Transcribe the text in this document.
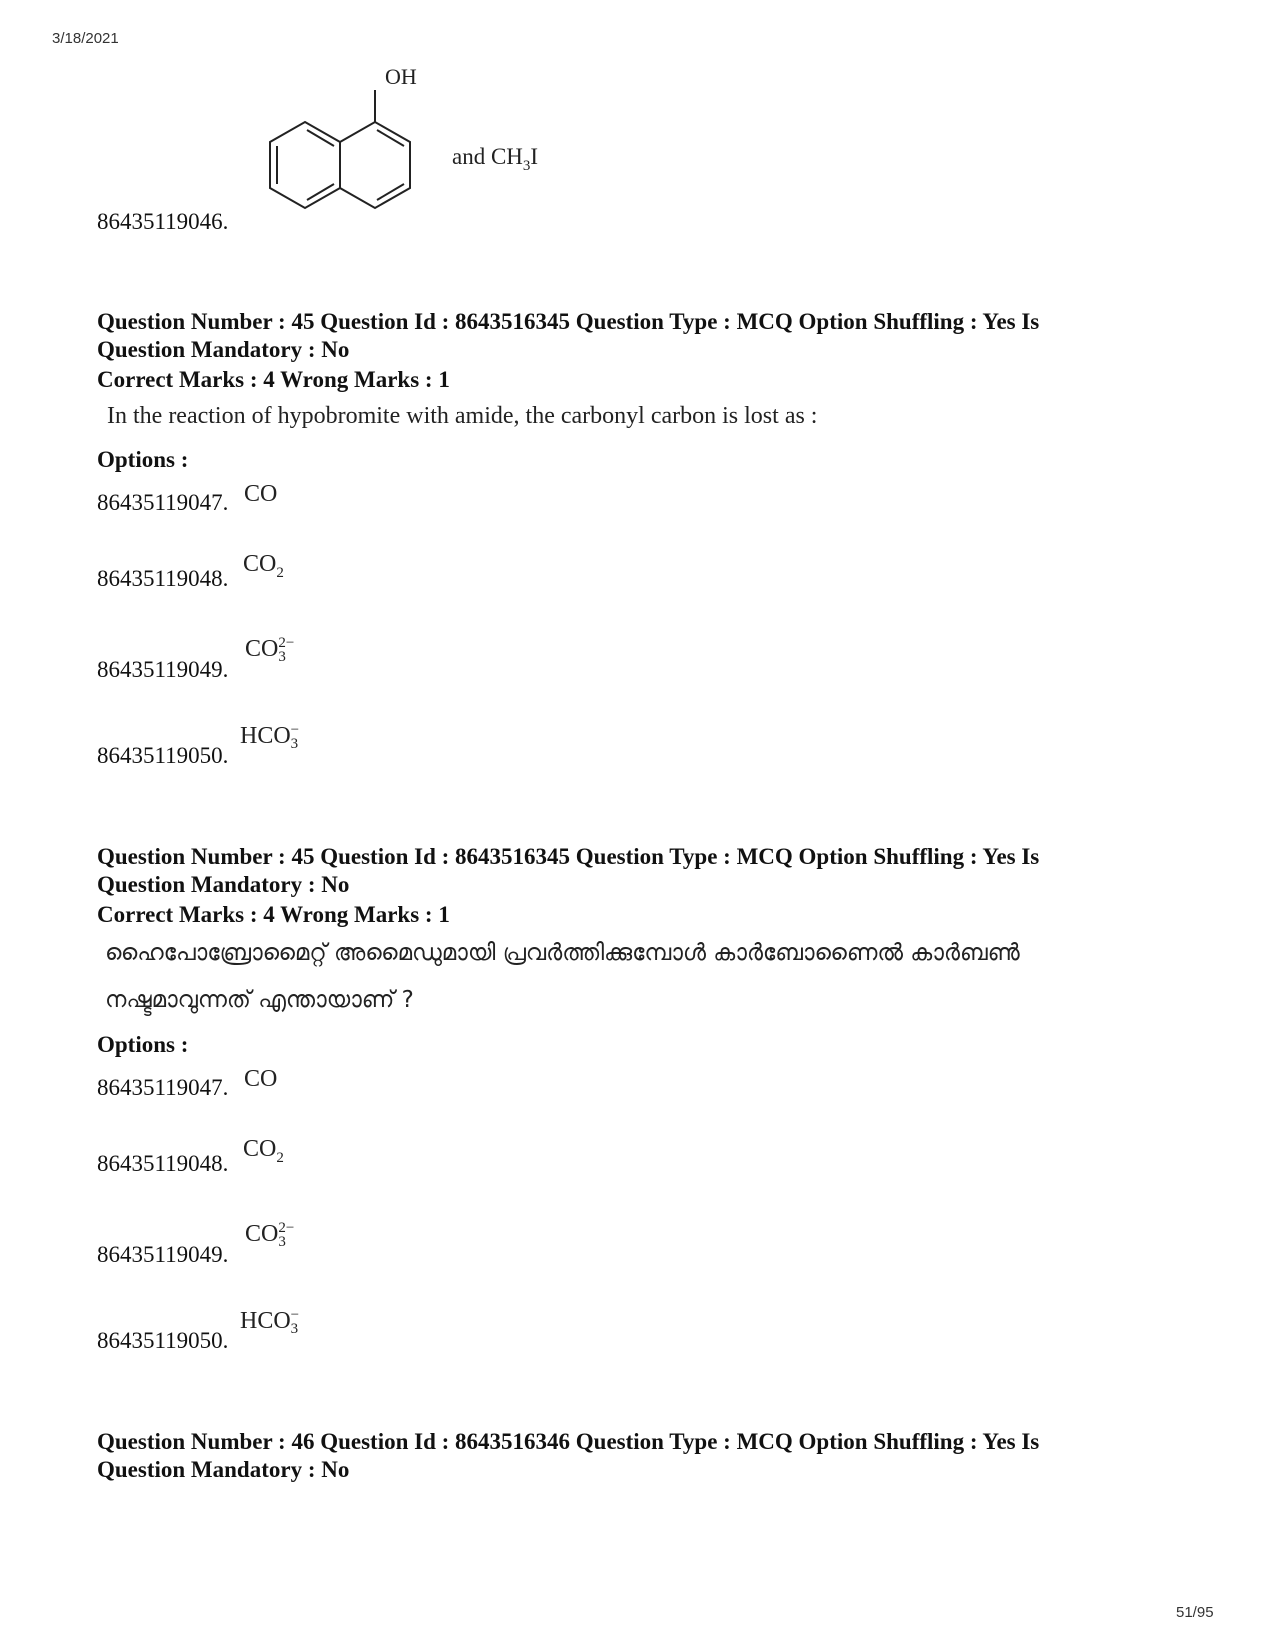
3/18/2021
86435119046.
OH
and $CH_3I$
Question Number : 45 Question Id : 8643516345 Question Type : MCQ Option Shuffling : Yes Is
Question Mandatory : No
Correct Marks : 4 Wrong Marks : 1
In the reaction of hypobromite with amide, the carbonyl carbon is lost as :
Options :
86435119047. CO
86435119048.
$CO_2$
86435119049.
CO 2−
3
86435119050.
HCO −
3
Question Number : 45 Question Id : 8643516345 Question Type : MCQ Option Shuffling : Yes Is
Question Mandatory : No
Correct Marks : 4 Wrong Marks : 1
ഹൈപോബ്രോമൈറ്റ് അമൈഡുമായി പ്രവർത്തിക്കുമ്പോൾ കാർബോണൈൽ കാർബൺ
നഷ്ടമാവുന്നത് എന്തായാണ് ?
Options :
86435119047. CO
86435119048.
$CO_2$
86435119049.
CO 2−
3
86435119050.
HCO −
3
Question Number : 46 Question Id : 8643516346 Question Type : MCQ Option Shuffling : Yes Is
Question Mandatory : No
51/95
